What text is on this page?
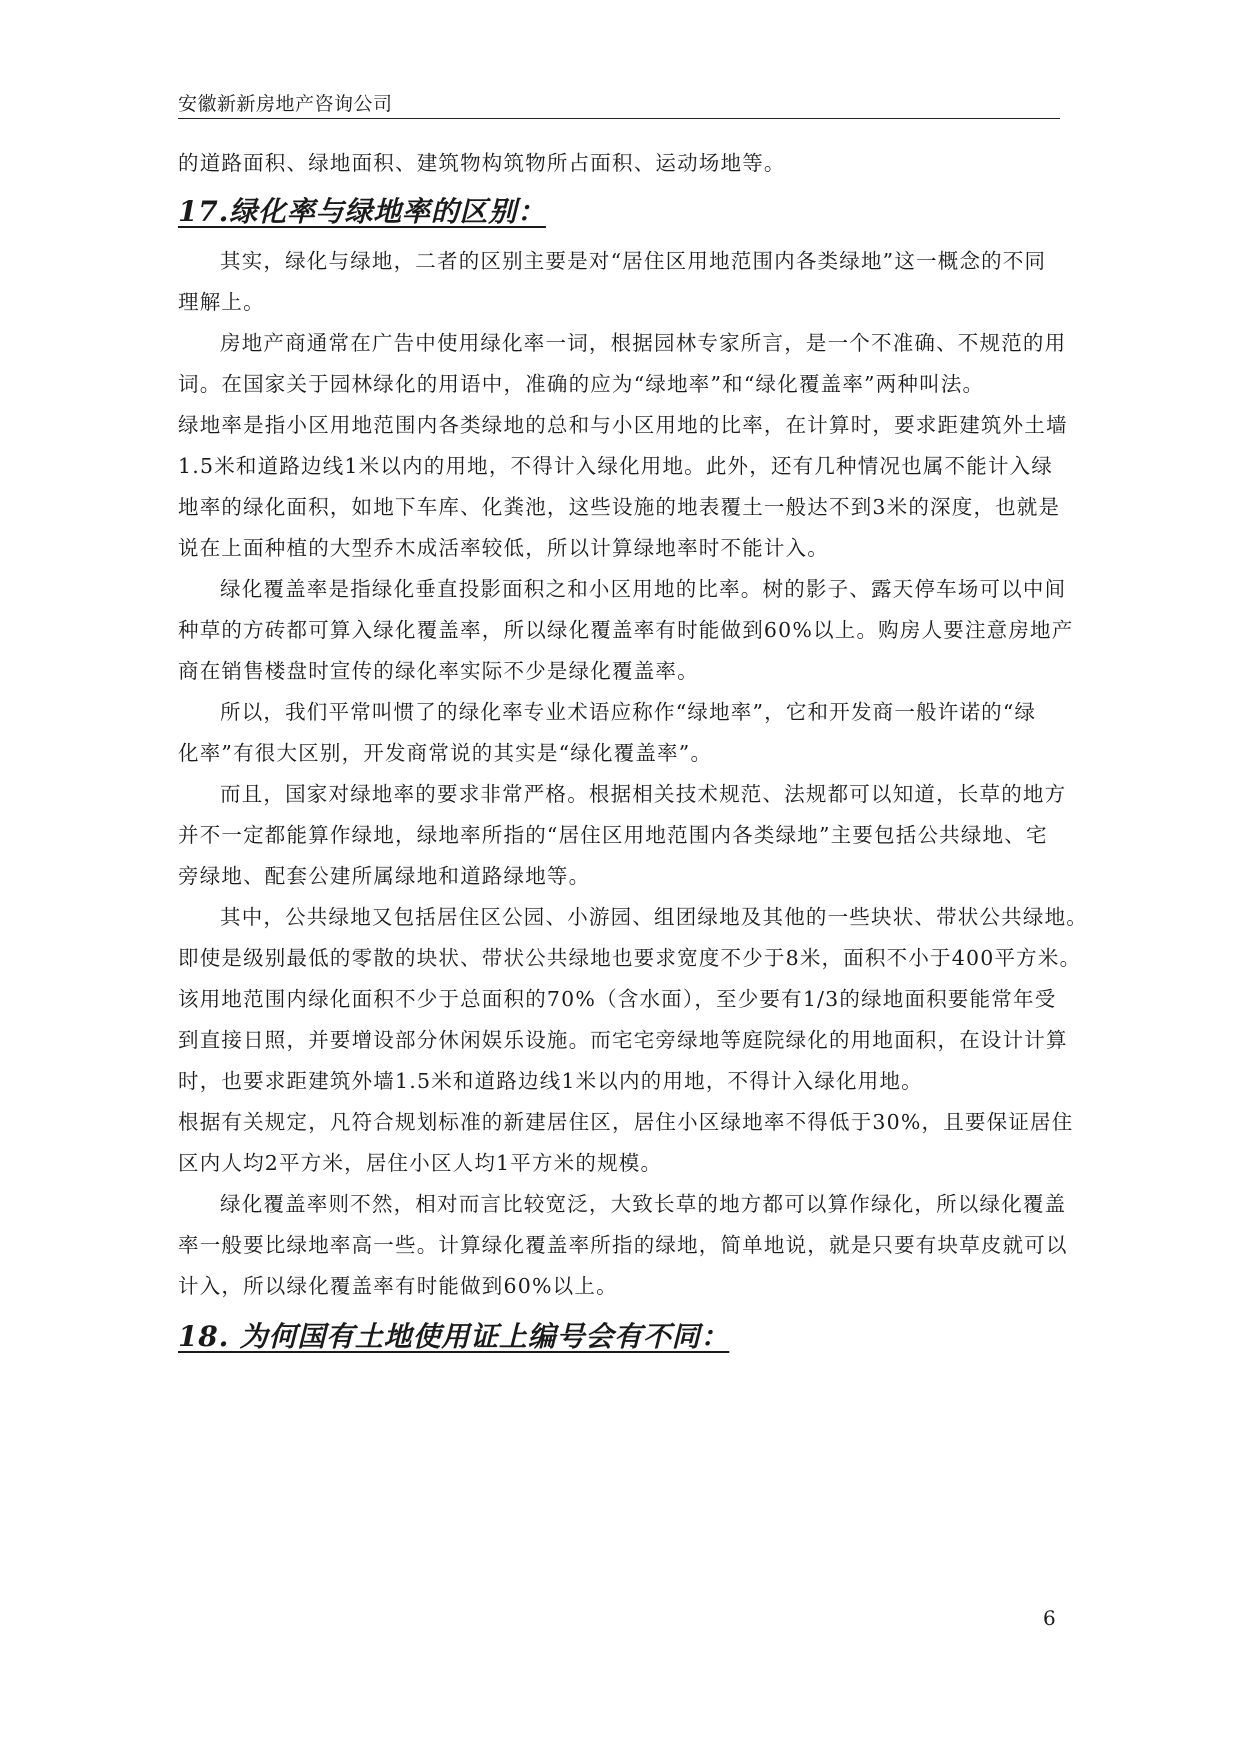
安徽新新房地产咨询公司

的道路面积、绿地面积、建筑物构筑物所占面积、运动场地等。

17.绿化率与绿地率的区别：

其实，绿化与绿地，二者的区别主要是对“居住区用地范围内各类绿地”这一概念的不同
理解上。

房地产商通常在广告中使用绿化率一词，根据园林专家所言，是一个不准确、不规范的用
词。在国家关于园林绿化的用语中，准确的应为“绿地率”和“绿化覆盖率”两种叫法。

绿地率是指小区用地范围内各类绿地的总和与小区用地的比率，在计算时，要求距建筑外土墙
1.5米和道路边线1米以内的用地，不得计入绿化用地。此外，还有几种情况也属不能计入绿
地率的绿化面积，如地下车库、化粪池，这些设施的地表覆土一般达不到3米的深度，也就是
说在上面种植的大型乔木成活率较低，所以计算绿地率时不能计入。

绿化覆盖率是指绿化垂直投影面积之和小区用地的比率。树的影子、露天停车场可以中间
种草的方砖都可算入绿化覆盖率，所以绿化覆盖率有时能做到60%以上。购房人要注意房地产
商在销售楼盘时宣传的绿化率实际不少是绿化覆盖率。

所以，我们平常叫惯了的绿化率专业术语应称作“绿地率”，它和开发商一般许诺的“绿
化率”有很大区别，开发商常说的其实是“绿化覆盖率”。

而且，国家对绿地率的要求非常严格。根据相关技术规范、法规都可以知道，长草的地方
并不一定都能算作绿地，绿地率所指的“居住区用地范围内各类绿地”主要包括公共绿地、宅
旁绿地、配套公建所属绿地和道路绿地等。

其中，公共绿地又包括居住区公园、小游园、组团绿地及其他的一些块状、带状公共绿地。
即使是级别最低的零散的块状、带状公共绿地也要求宽度不少于8米，面积不小于400平方米。
该用地范围内绿化面积不少于总面积的70%（含水面），至少要有1/3的绿地面积要能常年受
到直接日照，并要增设部分休闲娱乐设施。而宅宅旁绿地等庭院绿化的用地面积，在设计计算
时，也要求距建筑外墙1.5米和道路边线1米以内的用地，不得计入绿化用地。

根据有关规定，凡符合规划标准的新建居住区，居住小区绿地率不得低于30%，且要保证居住
区内人均2平方米，居住小区人均1平方米的规模。

绿化覆盖率则不然，相对而言比较宽泛，大致长草的地方都可以算作绿化，所以绿化覆盖
率一般要比绿地率高一些。计算绿化覆盖率所指的绿地，简单地说，就是只要有块草皮就可以
计入，所以绿化覆盖率有时能做到60%以上。

18. 为何国有土地使用证上编号会有不同：
6
